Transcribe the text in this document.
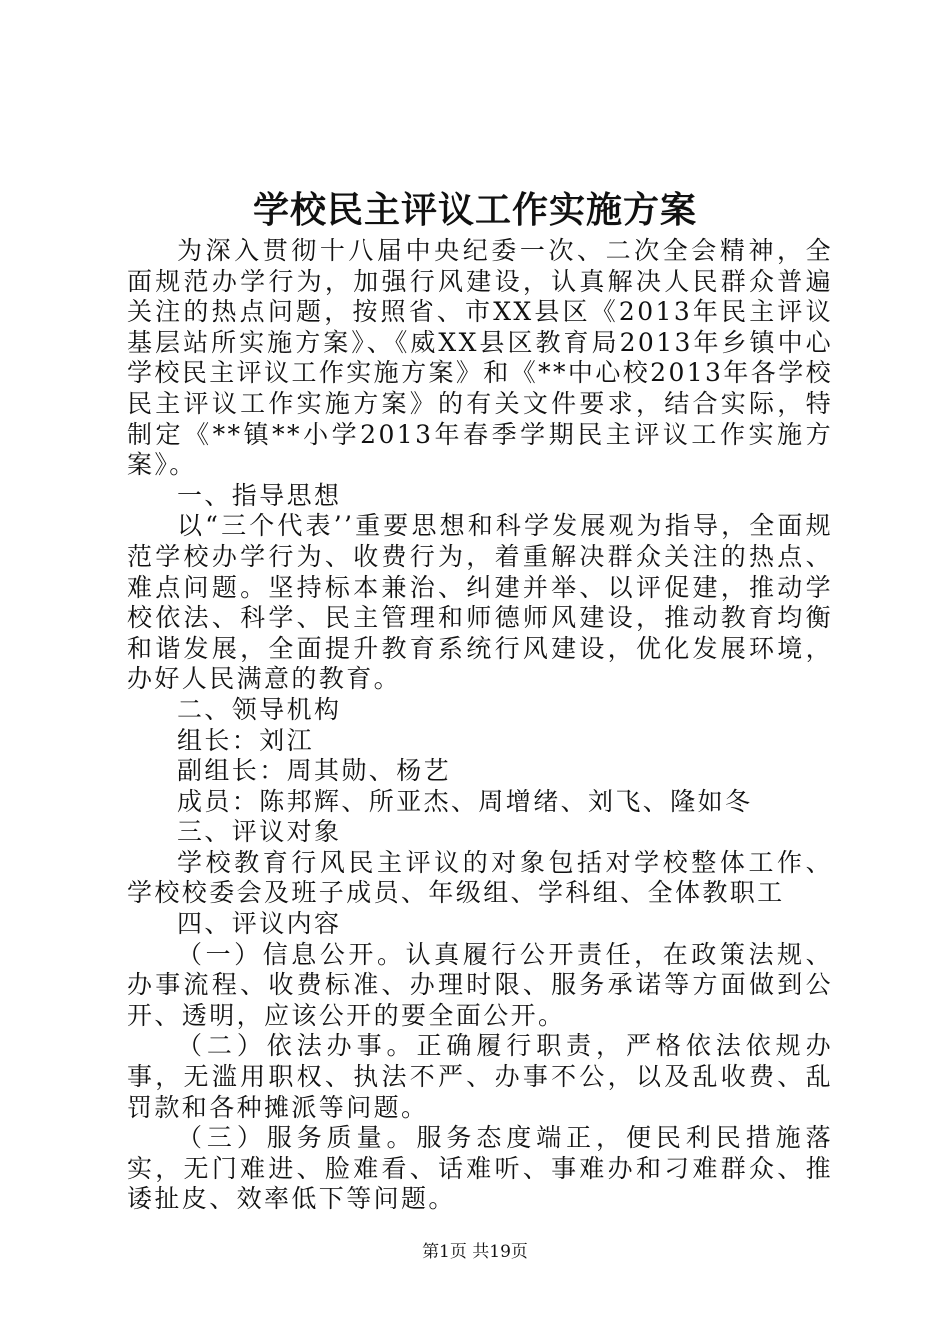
学校民主评议工作实施方案

为深入贯彻十八届中央纪委一次、二次全会精神，全面规范办学行为，加强行风建设，认真解决人民群众普遍关注的热点问题，按照省、市XX县区《2013年民主评议基层站所实施方案》、《威XX县区教育局2013年乡镇中心学校民主评议工作实施方案》和《**中心校2013年各学校民主评议工作实施方案》的有关文件要求，结合实际，特制定《**镇**小学2013年春季学期民主评议工作实施方案》。

一、指导思想

以“三个代表’’重要思想和科学发展观为指导，全面规范学校办学行为、收费行为，着重解决群众关注的热点、难点问题。坚持标本兼治、纠建并举、以评促建，推动学校依法、科学、民主管理和师德师风建设，推动教育均衡和谐发展，全面提升教育系统行风建设，优化发展环境，办好人民满意的教育。

二、领导机构

组长：刘江

副组长：周其勋、杨艺

成员：陈邦辉、所亚杰、周增绪、刘飞、隆如冬

三、评议对象

学校教育行风民主评议的对象包括对学校整体工作、学校校委会及班子成员、年级组、学科组、全体教职工

四、评议内容

（一）信息公开。认真履行公开责任，在政策法规、办事流程、收费标准、办理时限、服务承诺等方面做到公开、透明，应该公开的要全面公开。

（二）依法办事。正确履行职责，严格依法依规办事，无滥用职权、执法不严、办事不公，以及乱收费、乱罚款和各种摊派等问题。

（三）服务质量。服务态度端正，便民利民措施落实，无门难进、脸难看、话难听、事难办和刁难群众、推诿扯皮、效率低下等问题。

第1页 共19页
